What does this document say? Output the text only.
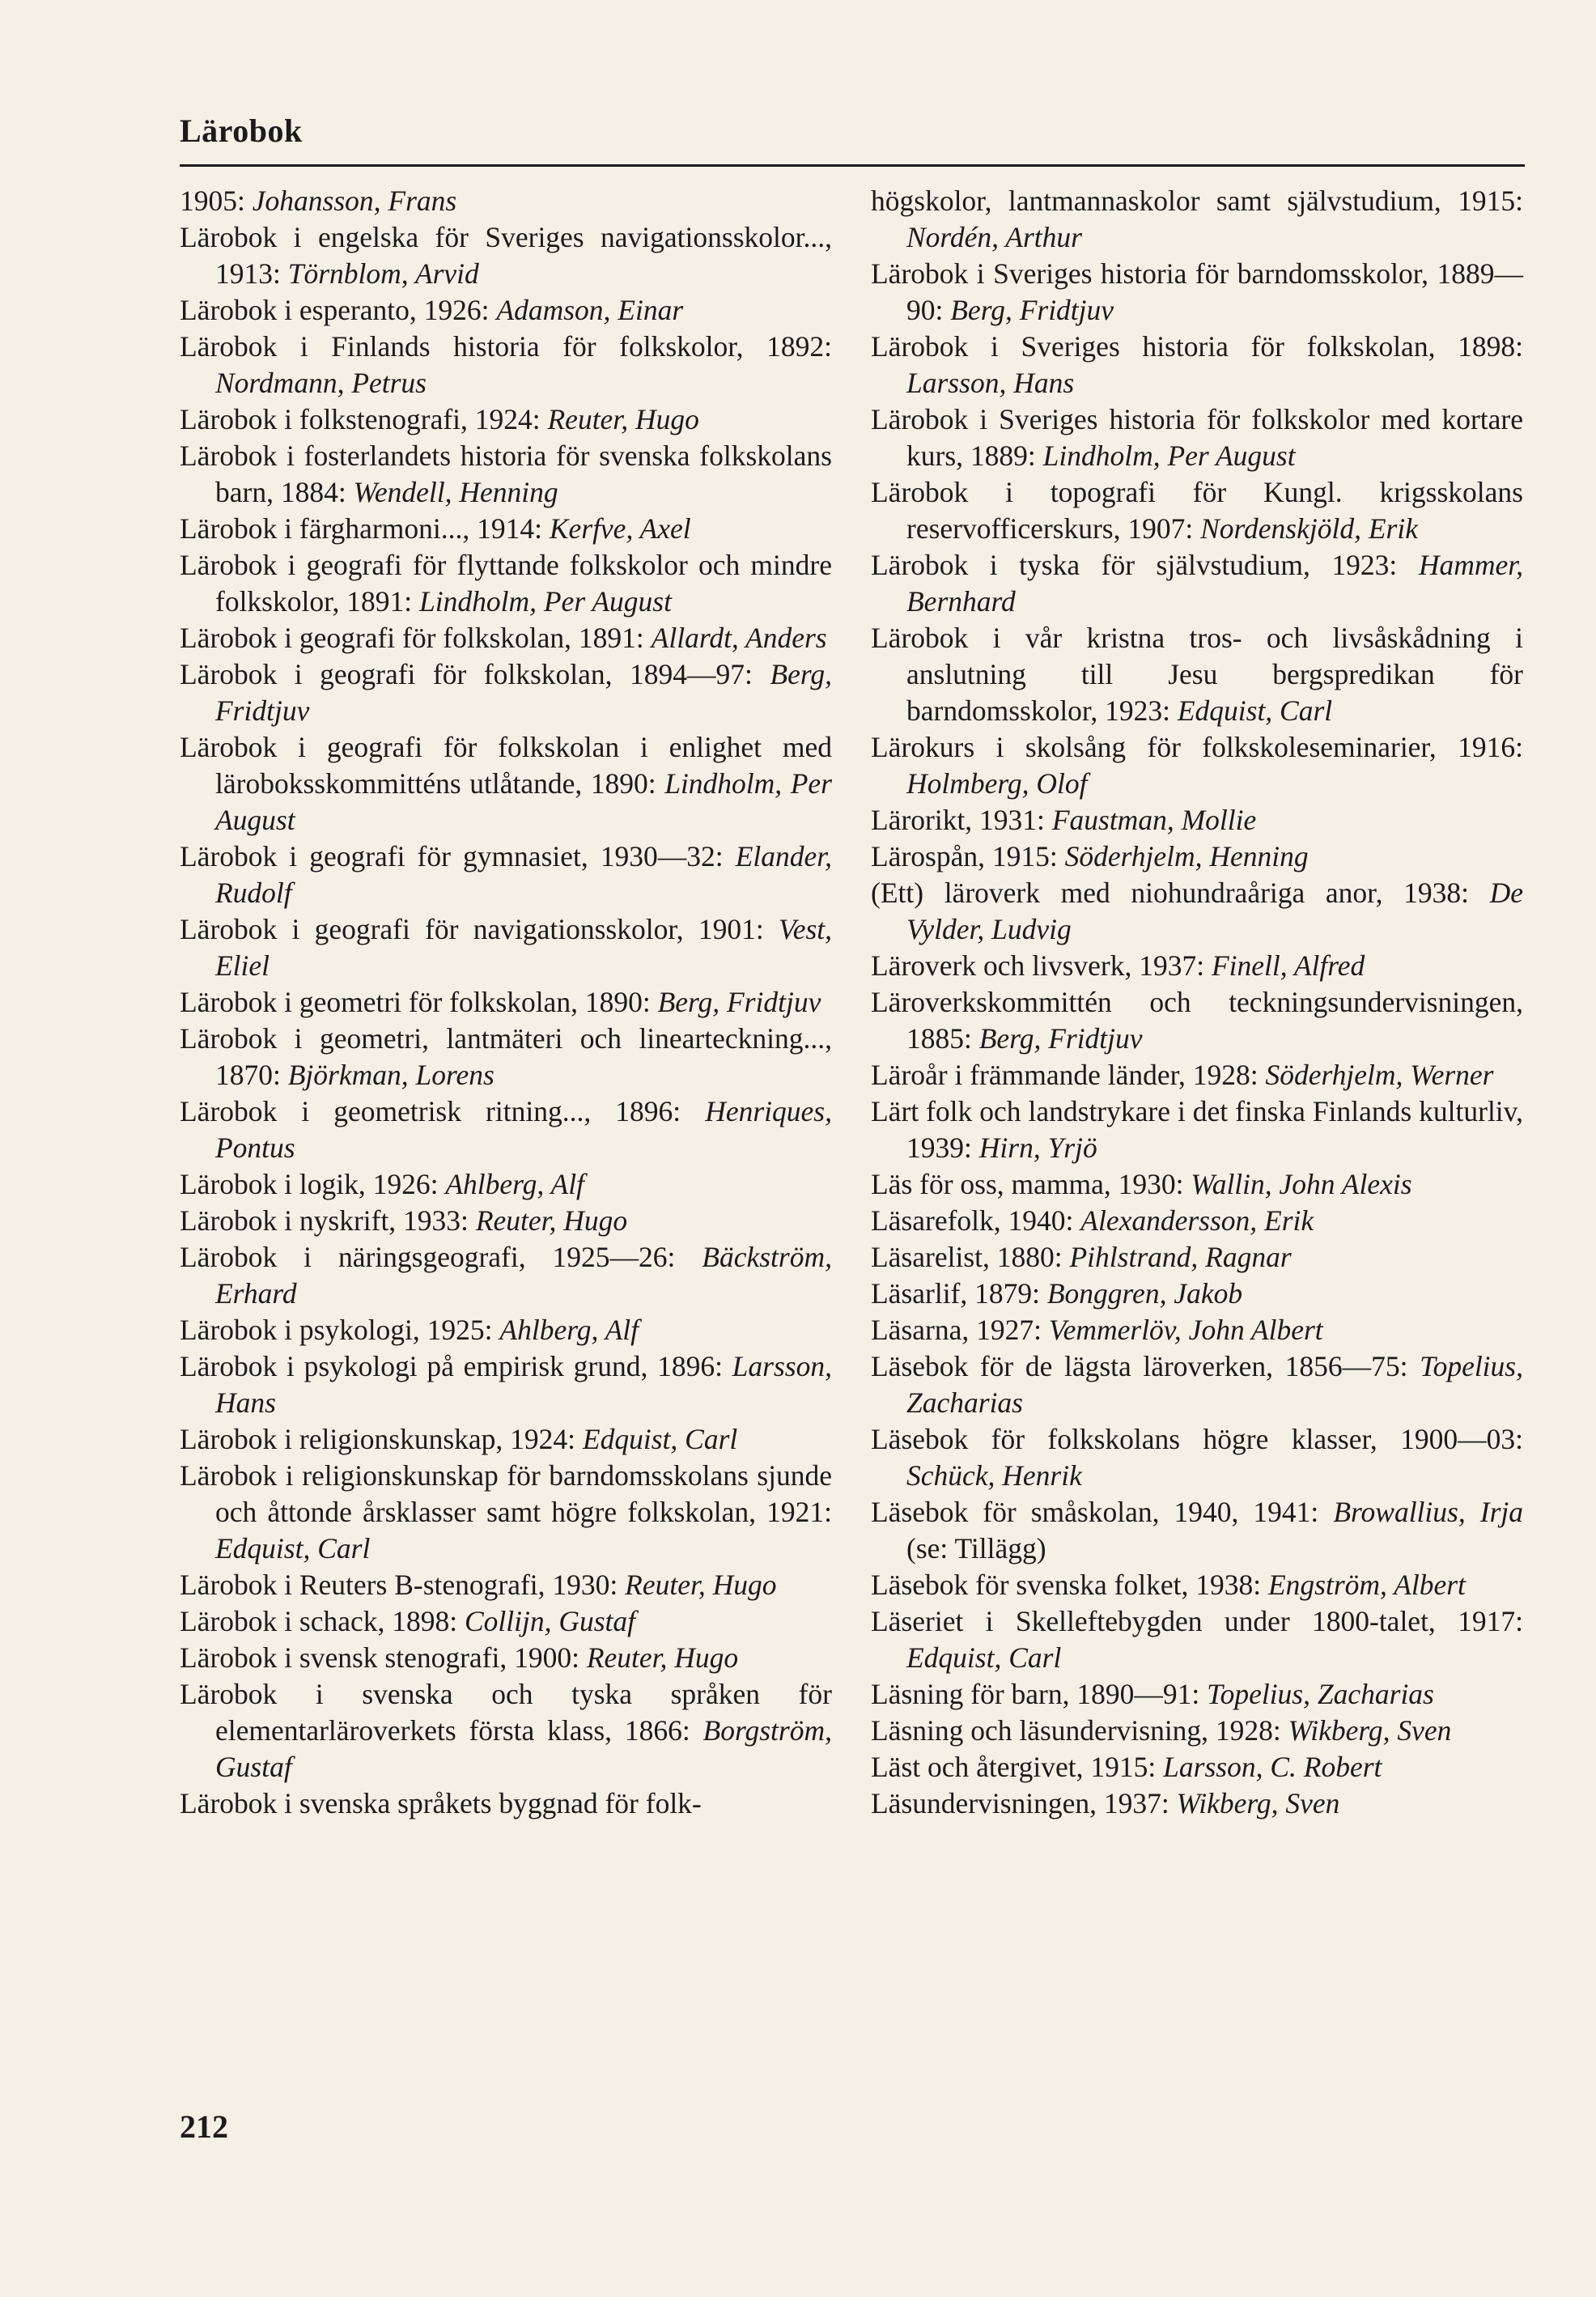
Lärobok

1905: Johansson, Frans

Lärobok i engelska för Sveriges navigationsskolor..., 1913: Törnblom, Arvid

Lärobok i esperanto, 1926: Adamson, Einar

Lärobok i Finlands historia för folkskolor, 1892: Nordmann, Petrus

Lärobok i folkstenografi, 1924: Reuter, Hugo

Lärobok i fosterlandets historia för svenska folkskolans barn, 1884: Wendell, Henning

Lärobok i färgharmoni..., 1914: Kerfve, Axel

Lärobok i geografi för flyttande folkskolor och mindre folkskolor, 1891: Lindholm, Per August

Lärobok i geografi för folkskolan, 1891: Allardt, Anders

Lärobok i geografi för folkskolan, 1894—97: Berg, Fridtjuv

Lärobok i geografi för folkskolan i enlighet med läroboksskommitténs utlåtande, 1890: Lindholm, Per August

Lärobok i geografi för gymnasiet, 1930—32: Elander, Rudolf

Lärobok i geografi för navigationsskolor, 1901: Vest, Eliel

Lärobok i geometri för folkskolan, 1890: Berg, Fridtjuv

Lärobok i geometri, lantmäteri och linearteckning..., 1870: Björkman, Lorens

Lärobok i geometrisk ritning..., 1896: Henriques, Pontus

Lärobok i logik, 1926: Ahlberg, Alf

Lärobok i nyskrift, 1933: Reuter, Hugo

Lärobok i näringsgeografi, 1925—26: Bäckström, Erhard

Lärobok i psykologi, 1925: Ahlberg, Alf

Lärobok i psykologi på empirisk grund, 1896: Larsson, Hans

Lärobok i religionskunskap, 1924: Edquist, Carl

Lärobok i religionskunskap för barndomsskolans sjunde och åttonde årsklasser samt högre folkskolan, 1921: Edquist, Carl

Lärobok i Reuters B-stenografi, 1930: Reuter, Hugo

Lärobok i schack, 1898: Collijn, Gustaf

Lärobok i svensk stenografi, 1900: Reuter, Hugo

Lärobok i svenska och tyska språken för elementarläroverkets första klass, 1866: Borgström, Gustaf

Lärobok i svenska språkets byggnad för folk-

högskolor, lantmannaskolor samt självstudium, 1915: Nordén, Arthur

Lärobok i Sveriges historia för barndomsskolor, 1889—90: Berg, Fridtjuv

Lärobok i Sveriges historia för folkskolan, 1898: Larsson, Hans

Lärobok i Sveriges historia för folkskolor med kortare kurs, 1889: Lindholm, Per August

Lärobok i topografi för Kungl. krigsskolans reservofficerskurs, 1907: Nordenskjöld, Erik

Lärobok i tyska för självstudium, 1923: Hammer, Bernhard

Lärobok i vår kristna tros- och livsåskådning i anslutning till Jesu bergspredikan för barndomsskolor, 1923: Edquist, Carl

Lärokurs i skolsång för folkskoleseminarier, 1916: Holmberg, Olof

Lärorikt, 1931: Faustman, Mollie

Lärospån, 1915: Söderhjelm, Henning

(Ett) läroverk med niohundraåriga anor, 1938: De Vylder, Ludvig

Läroverk och livsverk, 1937: Finell, Alfred

Läroverkskommittén och teckningsundervisningen, 1885: Berg, Fridtjuv

Läroår i främmande länder, 1928: Söderhjelm, Werner

Lärt folk och landstrykare i det finska Finlands kulturliv, 1939: Hirn, Yrjö

Läs för oss, mamma, 1930: Wallin, John Alexis

Läsarefolk, 1940: Alexandersson, Erik

Läsarelist, 1880: Pihlstrand, Ragnar

Läsarlif, 1879: Bonggren, Jakob

Läsarna, 1927: Vemmerlöv, John Albert

Läsebok för de lägsta läroverken, 1856—75: Topelius, Zacharias

Läsebok för folkskolans högre klasser, 1900—03: Schück, Henrik

Läsebok för småskolan, 1940, 1941: Browallius, Irja (se: Tillägg)

Läsebok för svenska folket, 1938: Engström, Albert

Läseriet i Skelleftebygden under 1800-talet, 1917: Edquist, Carl

Läsning för barn, 1890—91: Topelius, Zacharias

Läsning och läsundervisning, 1928: Wikberg, Sven

Läst och återgivet, 1915: Larsson, C. Robert

Läsundervisningen, 1937: Wikberg, Sven

212
